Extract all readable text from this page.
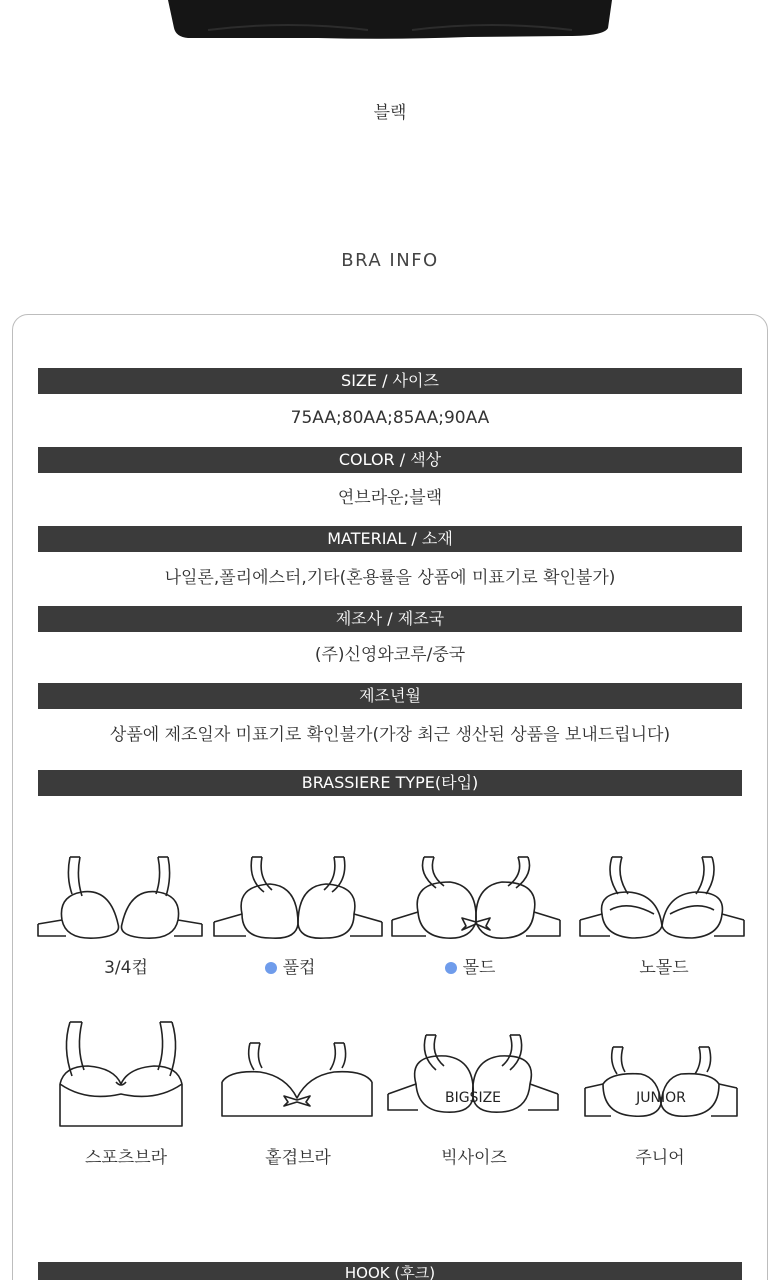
블랙
BRA INFO
SIZE / 사이즈
75AA;80AA;85AA;90AA
COLOR / 색상
연브라운;블랙
MATERIAL / 소재
나일론,폴리에스터,기타(혼용률을 상품에 미표기로 확인불가)
제조사 / 제조국
(주)신영와코루/중국
제조년월
상품에 제조일자 미표기로 확인불가(가장 최근 생산된 상품을 보내드립니다)
BRASSIERE TYPE(타입)
3/4컵	풀컵	몰드	노몰드
BIGSIZE	JUNIOR
스포츠브라	홑겹브라	빅사이즈	주니어
HOOK (후크)
